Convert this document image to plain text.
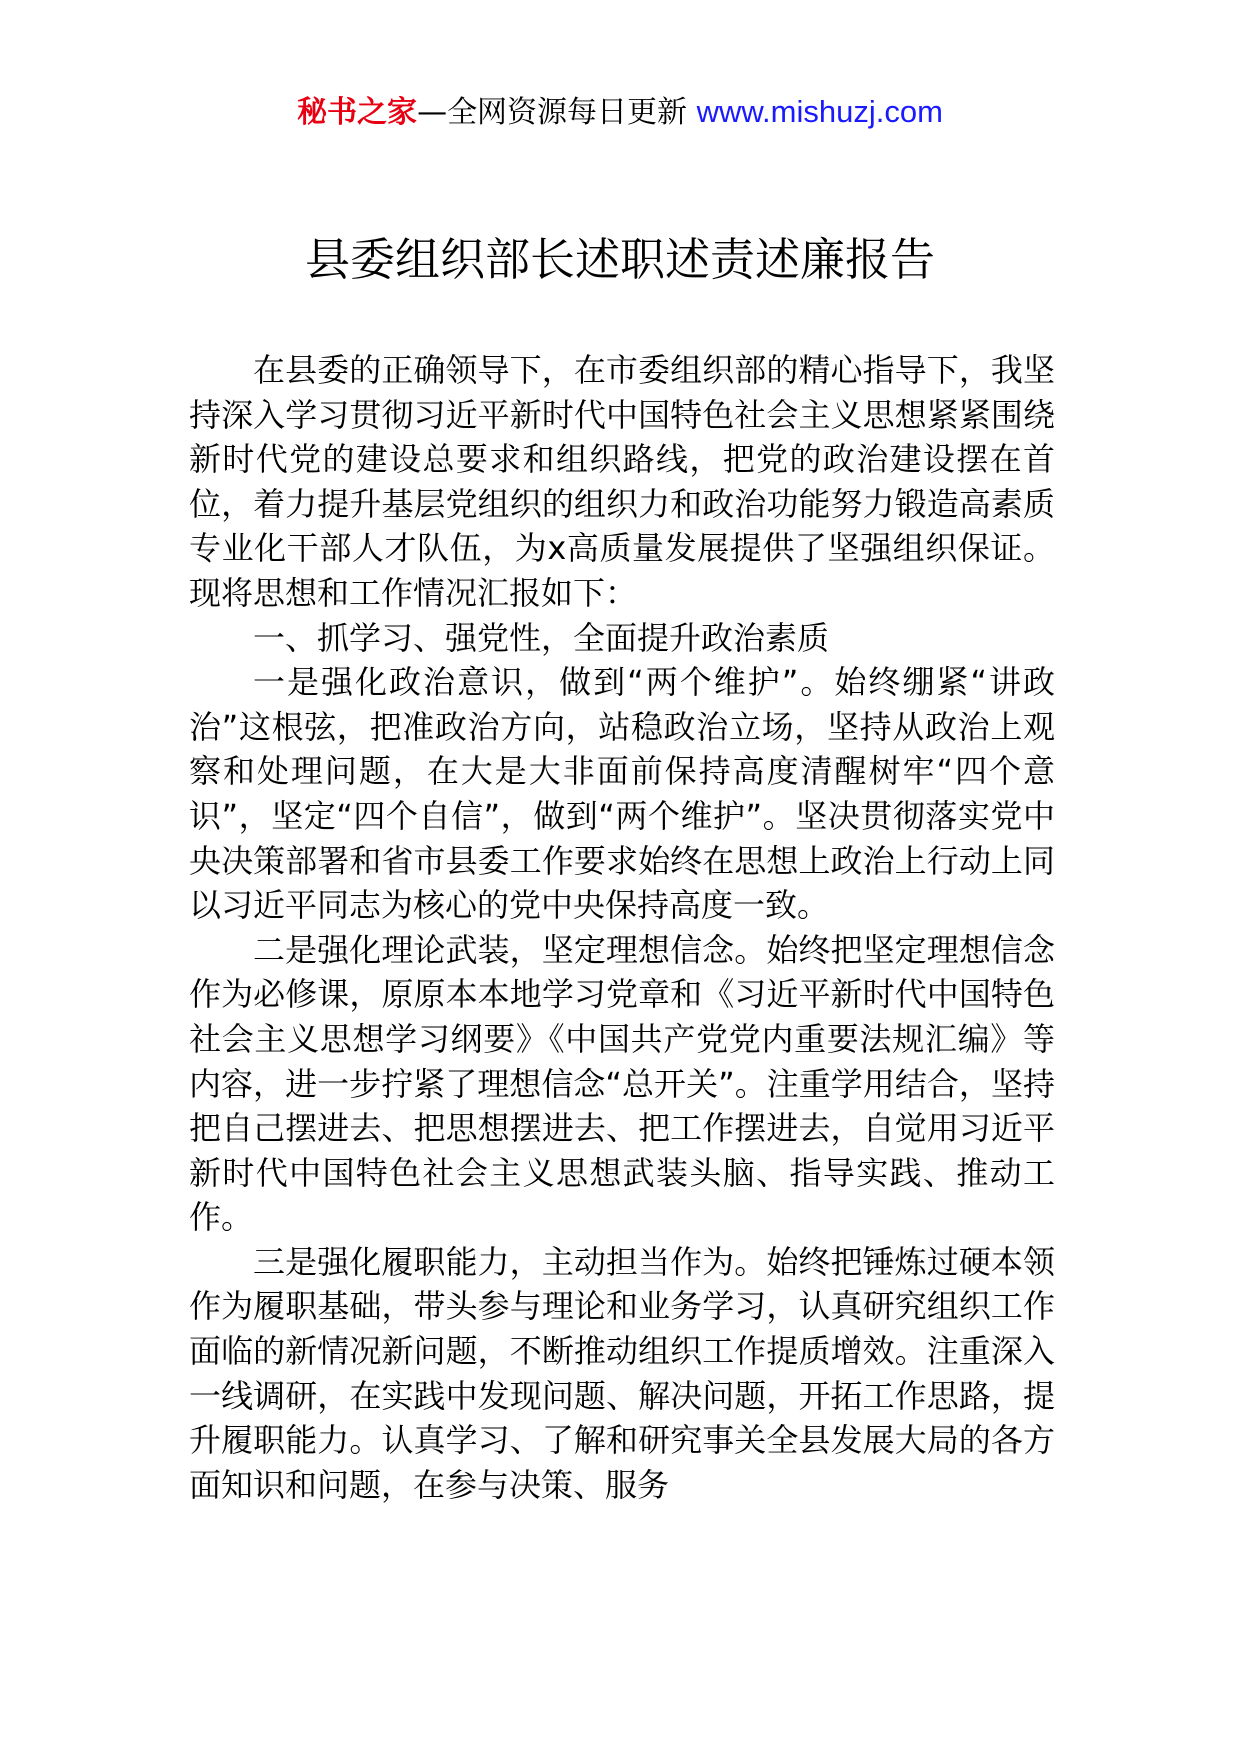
秘书之家—全网资源每日更新 www.mishuzj.com
县委组织部长述职述责述廉报告

在县委的正确领导下，在市委组织部的精心指导下，我坚持深入学习贯彻习近平新时代中国特色社会主义思想紧紧围绕新时代党的建设总要求和组织路线，把党的政治建设摆在首位，着力提升基层党组织的组织力和政治功能努力锻造高素质专业化干部人才队伍，为x高质量发展提供了坚强组织保证。现将思想和工作情况汇报如下：

一、抓学习、强党性，全面提升政治素质

一是强化政治意识，做到“两个维护”。始终绷紧“讲政治”这根弦，把准政治方向，站稳政治立场，坚持从政治上观察和处理问题，在大是大非面前保持高度清醒树牢“四个意识”，坚定“四个自信”，做到“两个维护”。坚决贯彻落实党中央决策部署和省市县委工作要求始终在思想上政治上行动上同以习近平同志为核心的党中央保持高度一致。

二是强化理论武装，坚定理想信念。始终把坚定理想信念作为必修课，原原本本地学习党章和《习近平新时代中国特色社会主义思想学习纲要》《中国共产党党内重要法规汇编》等内容，进一步拧紧了理想信念“总开关”。注重学用结合，坚持把自己摆进去、把思想摆进去、把工作摆进去，自觉用习近平新时代中国特色社会主义思想武装头脑、指导实践、推动工作。

三是强化履职能力，主动担当作为。始终把锤炼过硬本领作为履职基础，带头参与理论和业务学习，认真研究组织工作面临的新情况新问题，不断推动组织工作提质增效。注重深入一线调研，在实践中发现问题、解决问题，开拓工作思路，提升履职能力。认真学习、了解和研究事关全县发展大局的各方面知识和问题，在参与决策、服务
